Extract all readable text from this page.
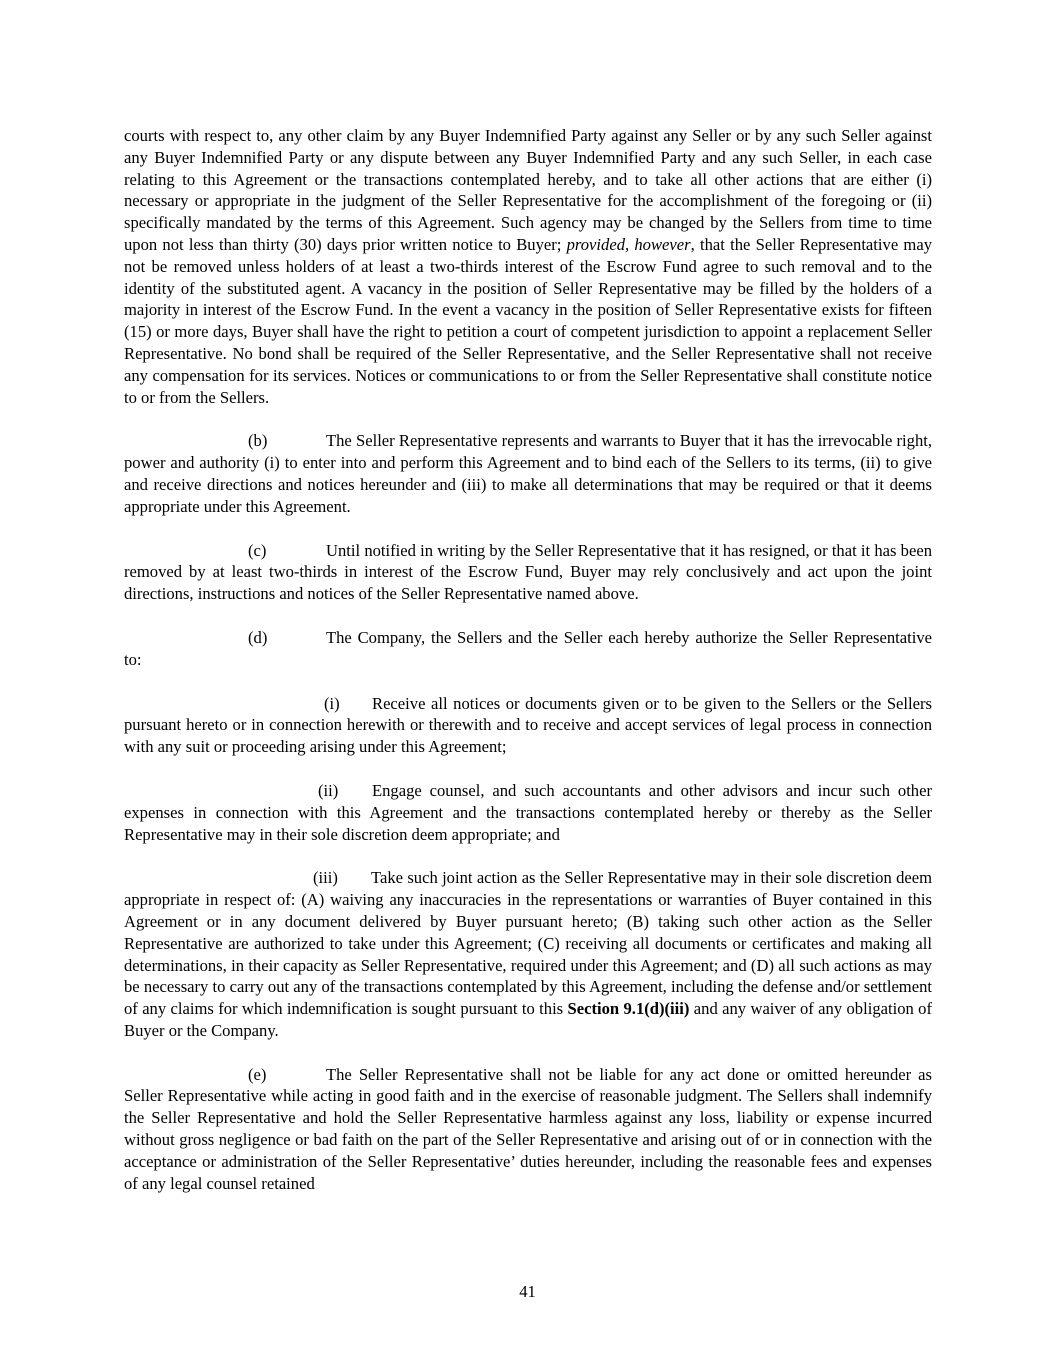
courts with respect to, any other claim by any Buyer Indemnified Party against any Seller or by any such Seller against any Buyer Indemnified Party or any dispute between any Buyer Indemnified Party and any such Seller, in each case relating to this Agreement or the transactions contemplated hereby, and to take all other actions that are either (i) necessary or appropriate in the judgment of the Seller Representative for the accomplishment of the foregoing or (ii) specifically mandated by the terms of this Agreement. Such agency may be changed by the Sellers from time to time upon not less than thirty (30) days prior written notice to Buyer; provided, however, that the Seller Representative may not be removed unless holders of at least a two-thirds interest of the Escrow Fund agree to such removal and to the identity of the substituted agent. A vacancy in the position of Seller Representative may be filled by the holders of a majority in interest of the Escrow Fund. In the event a vacancy in the position of Seller Representative exists for fifteen (15) or more days, Buyer shall have the right to petition a court of competent jurisdiction to appoint a replacement Seller Representative. No bond shall be required of the Seller Representative, and the Seller Representative shall not receive any compensation for its services. Notices or communications to or from the Seller Representative shall constitute notice to or from the Sellers.

(b)	The Seller Representative represents and warrants to Buyer that it has the irrevocable right, power and authority (i) to enter into and perform this Agreement and to bind each of the Sellers to its terms, (ii) to give and receive directions and notices hereunder and (iii) to make all determinations that may be required or that it deems appropriate under this Agreement.

(c)	Until notified in writing by the Seller Representative that it has resigned, or that it has been removed by at least two-thirds in interest of the Escrow Fund, Buyer may rely conclusively and act upon the joint directions, instructions and notices of the Seller Representative named above.

(d)	The Company, the Sellers and the Seller each hereby authorize the Seller Representative to:

(i) Receive all notices or documents given or to be given to the Sellers or the Sellers pursuant hereto or in connection herewith or therewith and to receive and accept services of legal process in connection with any suit or proceeding arising under this Agreement;

(ii) Engage counsel, and such accountants and other advisors and incur such other expenses in connection with this Agreement and the transactions contemplated hereby or thereby as the Seller Representative may in their sole discretion deem appropriate; and

(iii) Take such joint action as the Seller Representative may in their sole discretion deem appropriate in respect of: (A) waiving any inaccuracies in the representations or warranties of Buyer contained in this Agreement or in any document delivered by Buyer pursuant hereto; (B) taking such other action as the Seller Representative are authorized to take under this Agreement; (C) receiving all documents or certificates and making all determinations, in their capacity as Seller Representative, required under this Agreement; and (D) all such actions as may be necessary to carry out any of the transactions contemplated by this Agreement, including the defense and/or settlement of any claims for which indemnification is sought pursuant to this Section 9.1(d)(iii) and any waiver of any obligation of Buyer or the Company.

(e)	The Seller Representative shall not be liable for any act done or omitted hereunder as Seller Representative while acting in good faith and in the exercise of reasonable judgment. The Sellers shall indemnify the Seller Representative and hold the Seller Representative harmless against any loss, liability or expense incurred without gross negligence or bad faith on the part of the Seller Representative and arising out of or in connection with the acceptance or administration of the Seller Representative’ duties hereunder, including the reasonable fees and expenses of any legal counsel retained

41
